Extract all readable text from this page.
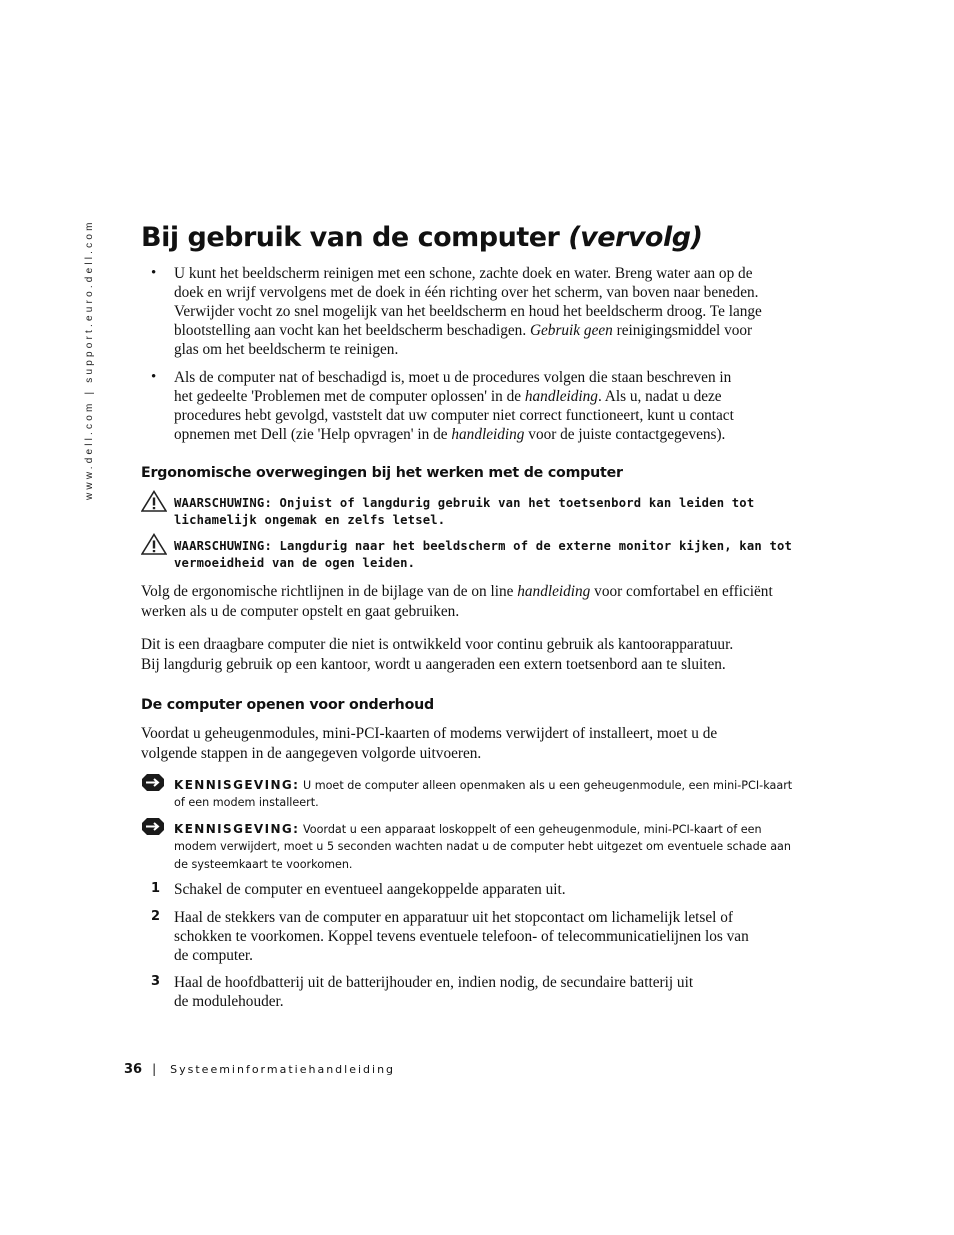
www.dell.com | support.euro.dell.com Bij gebruik van de computer (vervolg)
• U kunt het beeldscherm reinigen met een schone, zachte doek en water. Breng water aan op de
doek en wrijf vervolgens met de doek in één richting over het scherm, van boven naar beneden.
Verwijder vocht zo snel mogelijk van het beeldscherm en houd het beeldscherm droog. Te lange
blootstelling aan vocht kan het beeldscherm beschadigen. Gebruik geen reinigingsmiddel voor
glas om het beeldscherm te reinigen.
• Als de computer nat of beschadigd is, moet u de procedures volgen die staan beschreven in
het gedeelte 'Problemen met de computer oplossen' in de handleiding. Als u, nadat u deze
procedures hebt gevolgd, vaststelt dat uw computer niet correct functioneert, kunt u contact
opnemen met Dell (zie 'Help opvragen' in de handleiding voor de juiste contactgegevens).
Ergonomische overwegingen bij het werken met de computer
WAARSCHUWING: Onjuist of langdurig gebruik van het toetsenbord kan leiden tot
lichamelijk ongemak en zelfs letsel.
WAARSCHUWING: Langdurig naar het beeldscherm of de externe monitor kijken, kan tot
vermoeidheid van de ogen leiden.
Volg de ergonomische richtlijnen in de bijlage van de on line handleiding voor comfortabel en efficiënt
werken als u de computer opstelt en gaat gebruiken.
Dit is een draagbare computer die niet is ontwikkeld voor continu gebruik als kantoorapparatuur.
Bij langdurig gebruik op een kantoor, wordt u aangeraden een extern toetsenbord aan te sluiten.
De computer openen voor onderhoud
Voordat u geheugenmodules, mini-PCI-kaarten of modems verwijdert of installeert, moet u de
volgende stappen in de aangegeven volgorde uitvoeren.
KENNISGEVING: U moet de computer alleen openmaken als u een geheugenmodule, een mini-PCI-kaart
of een modem installeert.
KENNISGEVING: Voordat u een apparaat loskoppelt of een geheugenmodule, mini-PCI-kaart of een
modem verwijdert, moet u 5 seconden wachten nadat u de computer hebt uitgezet om eventuele schade aan
de systeemkaart te voorkomen.
1 Schakel de computer en eventueel aangekoppelde apparaten uit.
2 Haal de stekkers van de computer en apparatuur uit het stopcontact om lichamelijk letsel of
schokken te voorkomen. Koppel tevens eventuele telefoon- of telecommunicatielijnen los van
de computer.
3 Haal de hoofdbatterij uit de batterijhouder en, indien nodig, de secundaire batterij uit
de modulehouder.
36 | Systeeminformatiehandleiding
